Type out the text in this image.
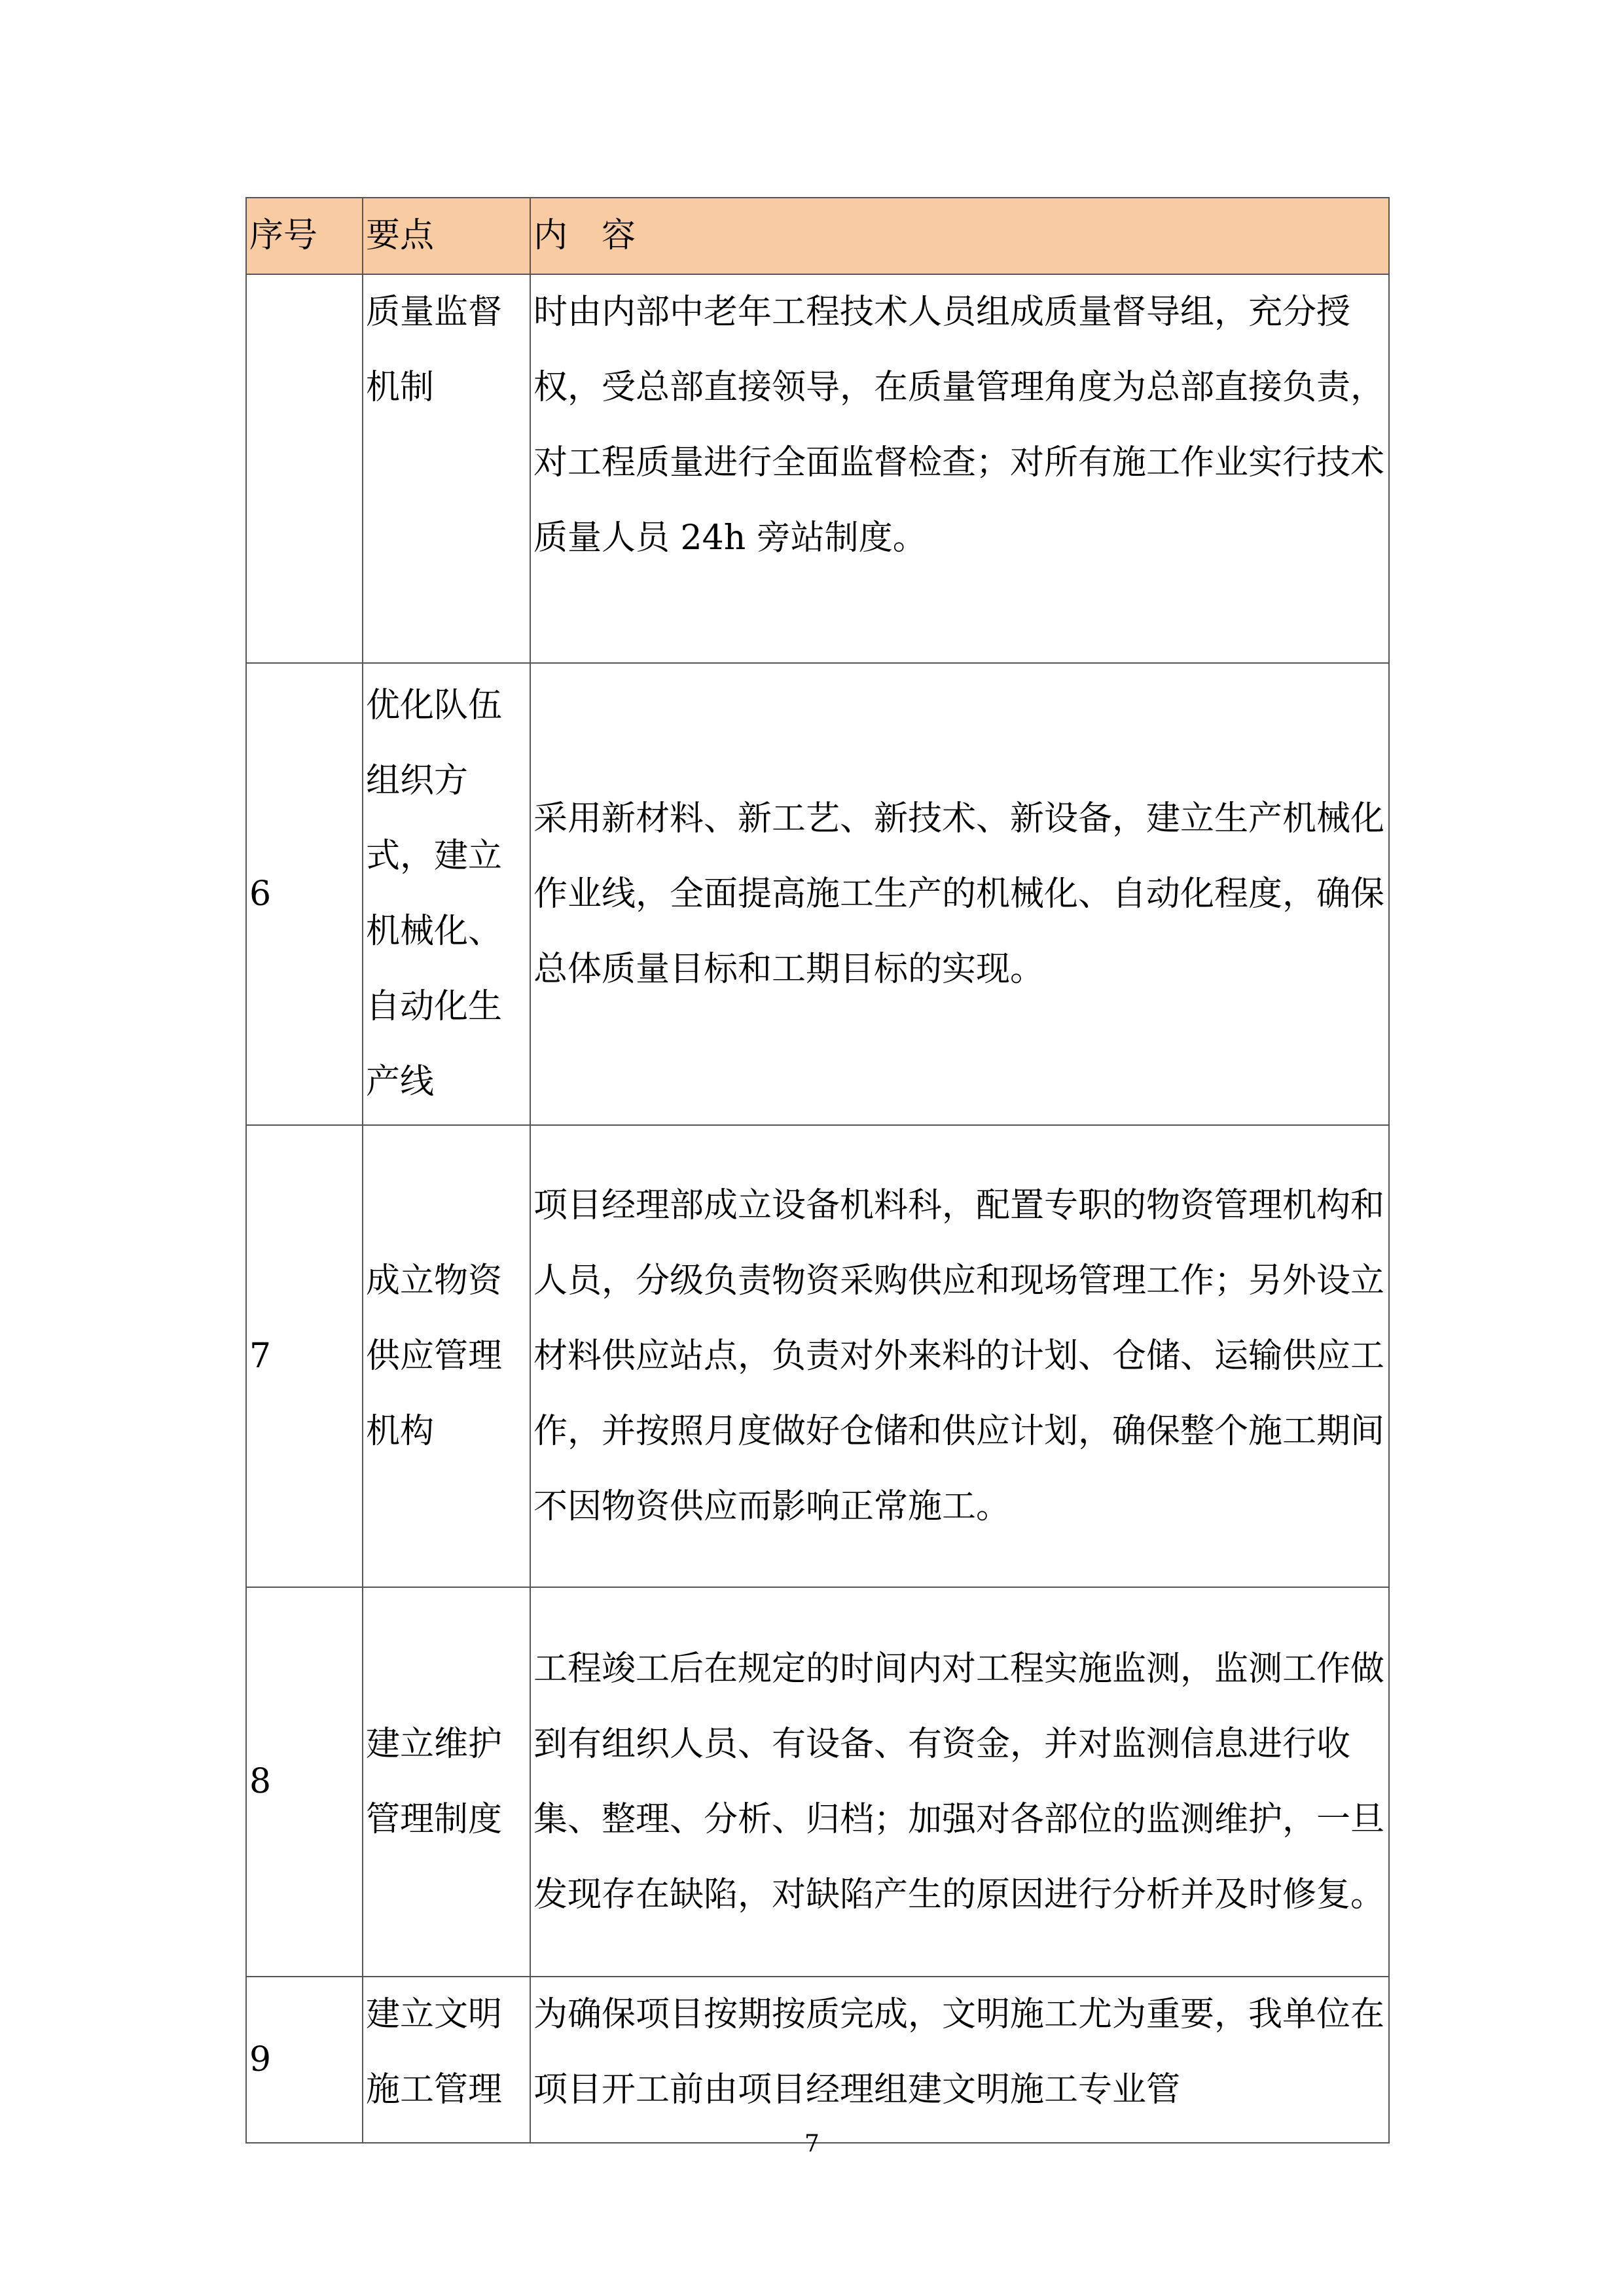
序号	要点	内　容
	质量监督机制	时由内部中老年工程技术人员组成质量督导组，充分授权，受总部直接领导，在质量管理角度为总部直接负责，对工程质量进行全面监督检查；对所有施工作业实行技术质量人员 24h 旁站制度。
6	优化队伍组织方式，建立机械化、自动化生产线	采用新材料、新工艺、新技术、新设备，建立生产机械化作业线，全面提高施工生产的机械化、自动化程度，确保总体质量目标和工期目标的实现。
7	成立物资供应管理机构	项目经理部成立设备机料科，配置专职的物资管理机构和人员，分级负责物资采购供应和现场管理工作；另外设立材料供应站点，负责对外来料的计划、仓储、运输供应工作，并按照月度做好仓储和供应计划，确保整个施工期间不因物资供应而影响正常施工。
8	建立维护管理制度	工程竣工后在规定的时间内对工程实施监测，监测工作做到有组织人员、有设备、有资金，并对监测信息进行收集、整理、分析、归档；加强对各部位的监测维护，一旦发现存在缺陷，对缺陷产生的原因进行分析并及时修复。
9	建立文明施工管理	为确保项目按期按质完成，文明施工尤为重要，我单位在项目开工前由项目经理组建文明施工专业管
7
